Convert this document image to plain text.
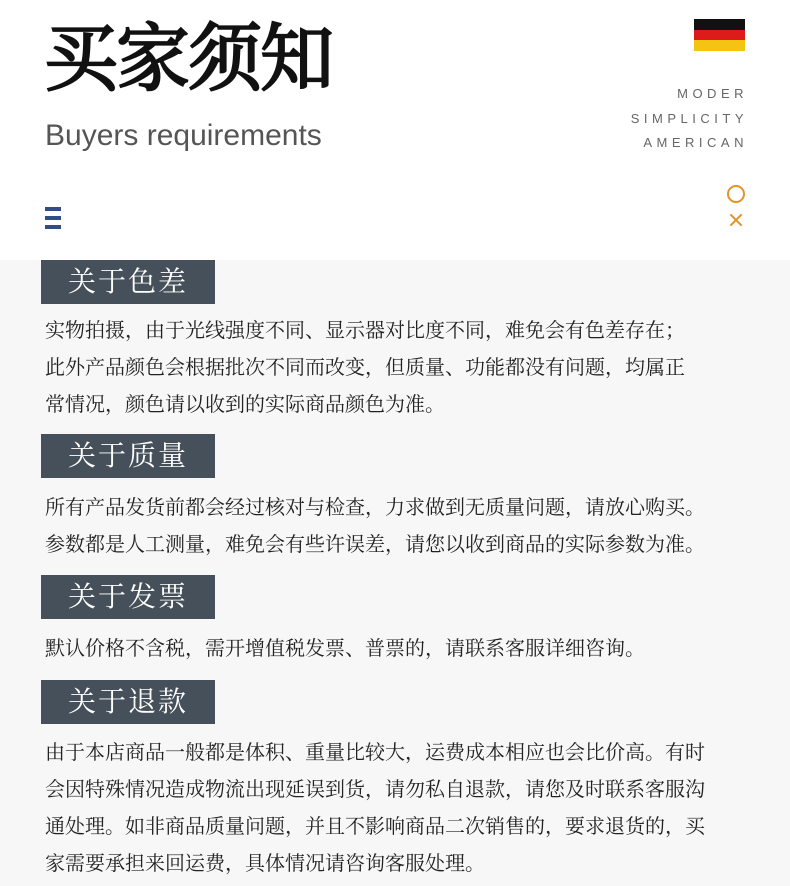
买家须知
Buyers requirements
MODER
SIMPLICITY
AMERICAN
关于色差
实物拍摄，由于光线强度不同、显示器对比度不同，难免会有色差存在；
此外产品颜色会根据批次不同而改变，但质量、功能都没有问题，均属正
常情况，颜色请以收到的实际商品颜色为准。
关于质量
所有产品发货前都会经过核对与检查，力求做到无质量问题，请放心购买。
参数都是人工测量，难免会有些许误差，请您以收到商品的实际参数为准。
关于发票
默认价格不含税，需开增值税发票、普票的，请联系客服详细咨询。
关于退款
由于本店商品一般都是体积、重量比较大，运费成本相应也会比价高。有时
会因特殊情况造成物流出现延误到货，请勿私自退款，请您及时联系客服沟
通处理。如非商品质量问题，并且不影响商品二次销售的，要求退货的，买
家需要承担来回运费，具体情况请咨询客服处理。
